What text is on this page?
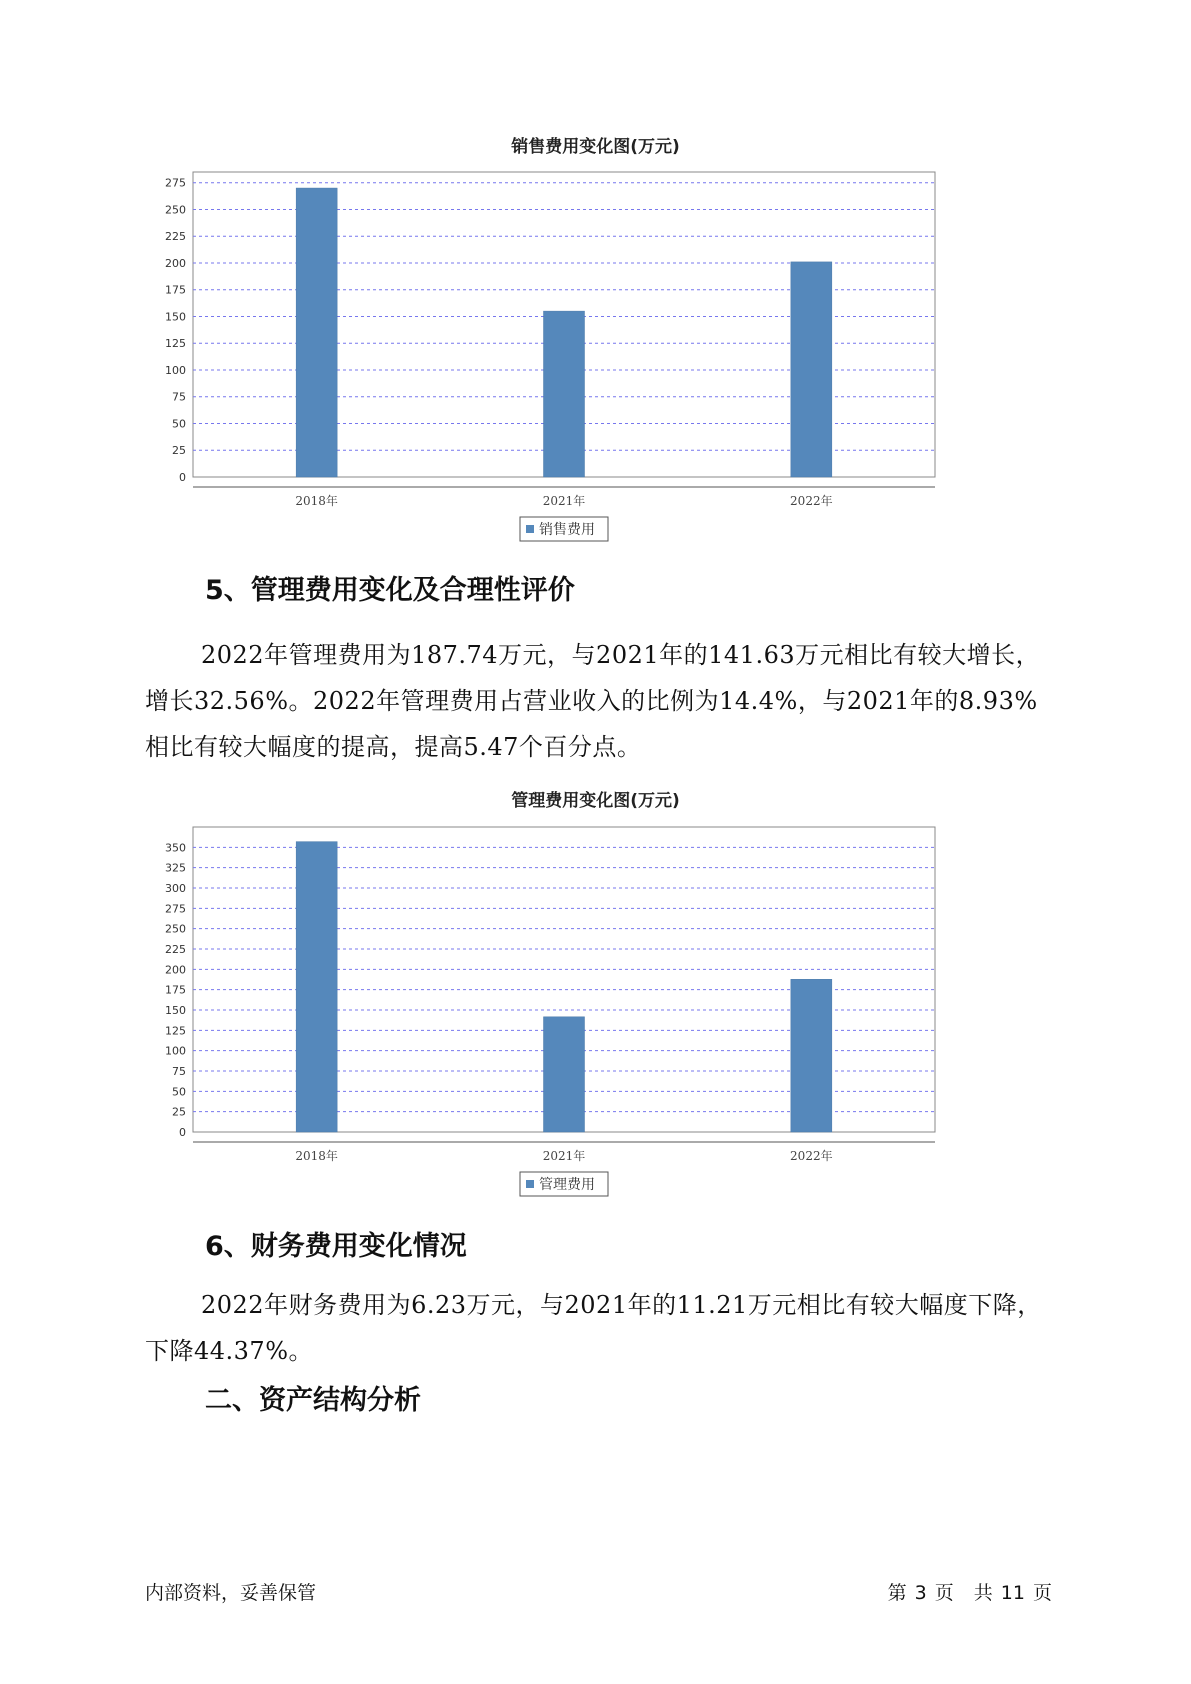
销售费用变化图(万元)
0
25
50
75
100
125
150
175
200
225
250
275
2018年	2021年	2022年
销售费用
5、管理费用变化及合理性评价

2022年管理费用为187.74万元，与2021年的141.63万元相比有较大增长，增长32.56%。2022年管理费用占营业收入的比例为14.4%，与2021年的8.93%相比有较大幅度的提高，提高5.47个百分点。

管理费用变化图(万元)
0
25
50
75
100
125
150
175
200
225
250
275
300
325
350
2018年	2021年	2022年
管理费用
6、财务费用变化情况

2022年财务费用为6.23万元，与2021年的11.21万元相比有较大幅度下降，下降44.37%。

二、资产结构分析
内部资料，妥善保管	第 3 页 共 11 页
